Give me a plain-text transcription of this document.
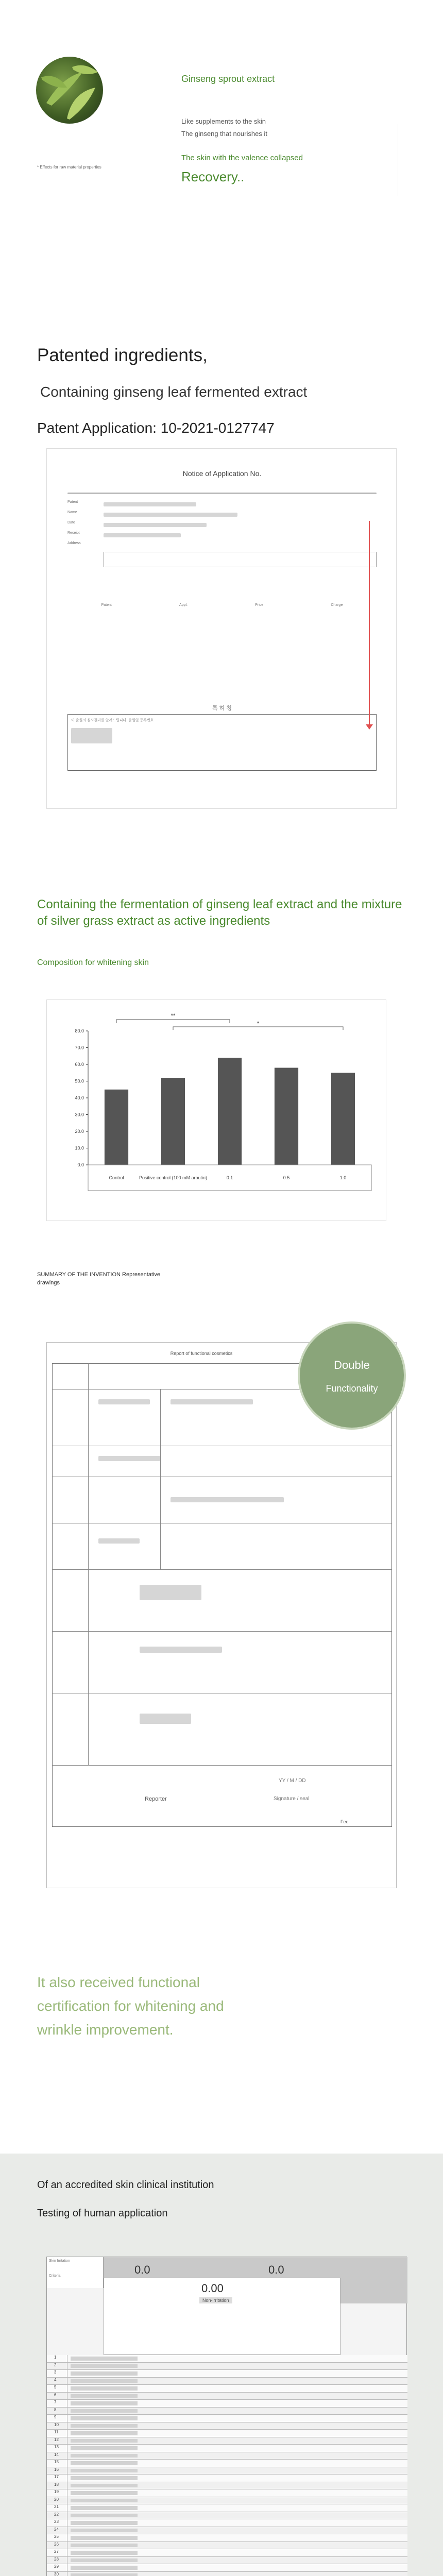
Ginseng sprout extract
Like supplements to the skin
The ginseng that nourishes it
The skin with the valence collapsed
Recovery..
* Effects for raw material properties
Patented ingredients,
Containing ginseng leaf fermented extract
Patent Application: 10-2021-0127747
Notice of Application No.
Patent
Name
Date
Receipt
Address
Patent	Appl.	Price	Charge
특 허 청
이 출원의 심사결과를 알려드립니다. 출원일 등록번호
Containing the fermentation of ginseng leaf extract and the mixture of silver grass extract as active ingredients
Composition for whitening skin
0.0
10.0
20.0
30.0
40.0
50.0
60.0
70.0
80.0
Control	Positive control (100 mM arbutin)	0.1	0.5	1.0
**
*
SUMMARY OF THE INVENTION Representative
drawings
Report of functional cosmetics
Reporter	Signature / seal
YY / M / DD
Fee
Double
Functionality
It also received functional
certification for whitening and
wrinkle improvement.
Of an accredited skin clinical institution
Testing of human application
Skin Irritation
Criteria	0.0	0.0
0.00
Non-irritation
1
2
3
4
5
6
7
8
9
10
11
12
13
14
15
16
17
18
19
20
21
22
23
24
25
26
27
28
29
30
